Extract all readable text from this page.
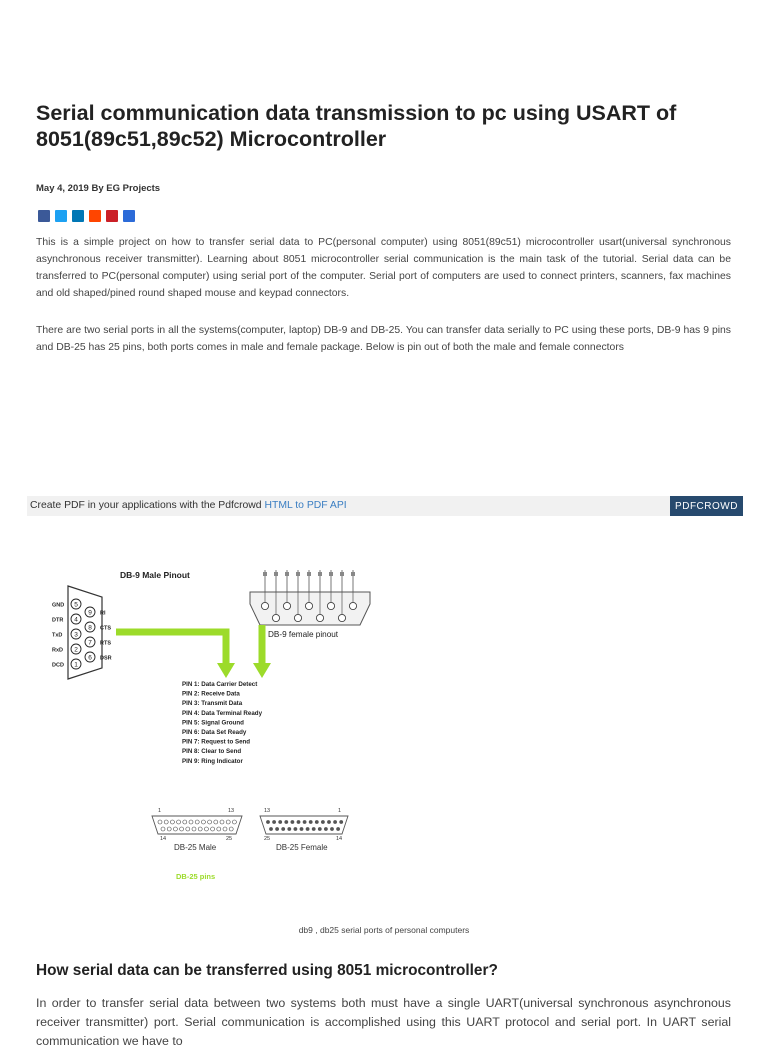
Serial communication data transmission to pc using USART of 8051(89c51,89c52) Microcontroller
May 4, 2019 By EG Projects

This is a simple project on how to transfer serial data to PC(personal computer) using 8051(89c51) microcontroller usart(universal synchronous asynchronous receiver transmitter). Learning about 8051 microcontroller serial communication is the main task of the tutorial. Serial data can be transferred to PC(personal computer) using serial port of the computer. Serial port of computers are used to connect printers, scanners, fax machines and old shaped/pined round shaped mouse and keypad connectors.

There are two serial ports in all the systems(computer, laptop) DB-9 and DB-25. You can transfer data serially to PC using these ports, DB-9 has 9 pins and DB-25 has 25 pins, both ports comes in male and female package. Below is pin out of both the male and female connectors

Create PDF in your applications with the Pdfcrowd HTML to PDF API	PDFCROWD
DB-9 Male Pinout
5
GND
4
DTR
3
TxD
2
RxD
1
DCD
9 RI
8 CTS
7 RTS
6 DSR
DB-9 female pinout
PIN 1: Data Carrier Detect
PIN 2: Receive Data
PIN 3: Transmit Data
PIN 4: Data Terminal Ready
PIN 5: Signal Ground
PIN 6: Data Set Ready
PIN 7: Request to Send
PIN 8: Clear to Send
PIN 9: Ring Indicator
1	13
14	25
DB-25 Male
13	1
25	14
DB-25 Female
DB-25 pins
db9 , db25 serial ports of personal computers
How serial data can be transferred using 8051 microcontroller?

In order to transfer serial data between two systems both must have a single UART(universal synchronous asynchronous receiver transmitter) port. Serial communication is accomplished using this UART protocol and serial port. In UART serial communication we have to
